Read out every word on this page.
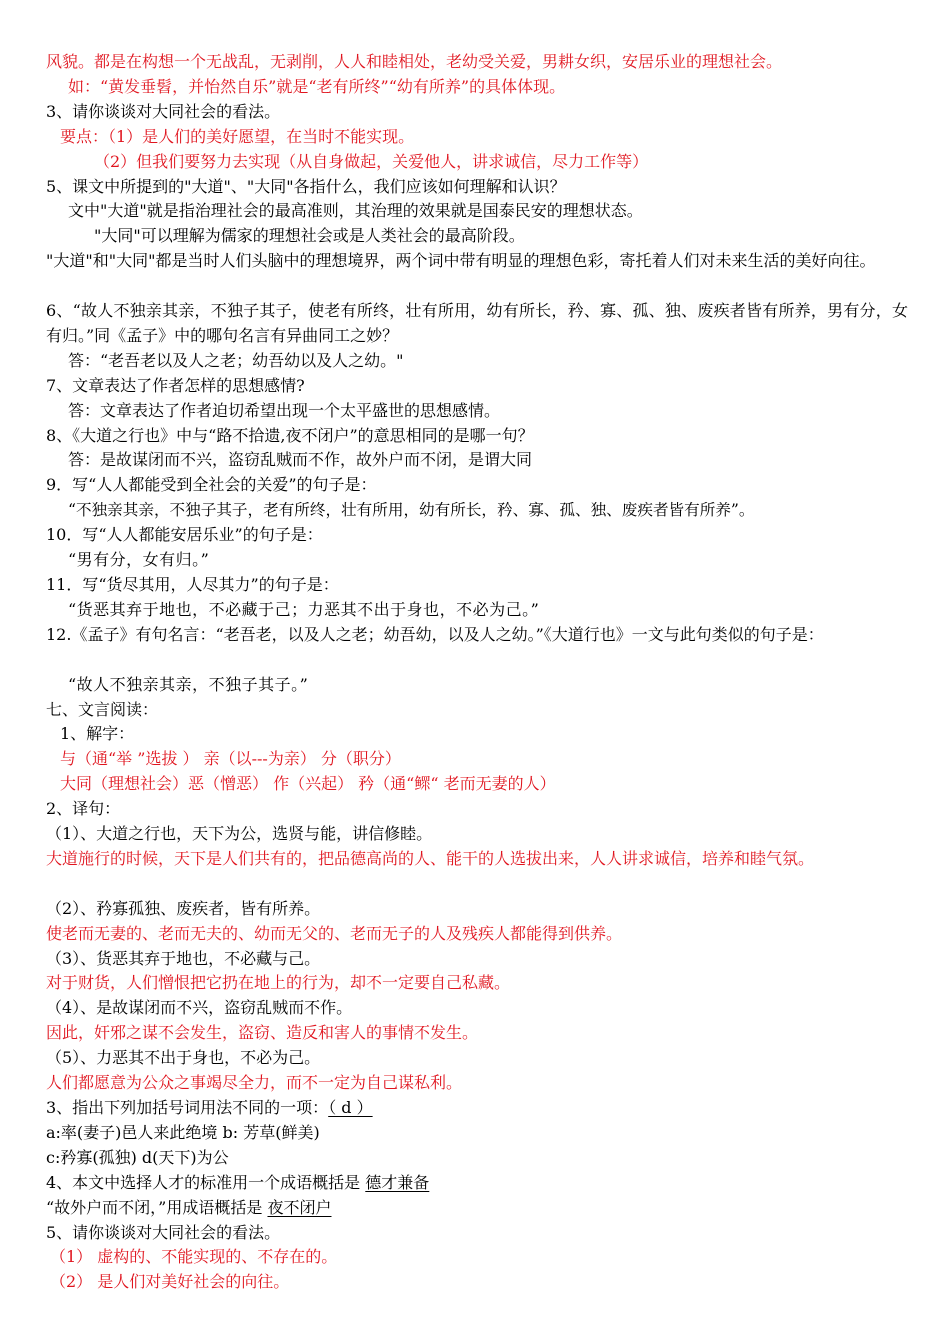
风貌。都是在构想一个无战乱，无剥削，人人和睦相处，老幼受关爱，男耕女织，安居乐业的理想社会。
如：“黄发垂髫，并怡然自乐”就是“老有所终”“幼有所养”的具体体现。
3、请你谈谈对大同社会的看法。
要点：（1）是人们的美好愿望，在当时不能实现。
（2）但我们要努力去实现（从自身做起，关爱他人，讲求诚信，尽力工作等）
5、课文中所提到的"大道"、"大同"各指什么，我们应该如何理解和认识？
文中"大道"就是指治理社会的最高准则，其治理的效果就是国泰民安的理想状态。
"大同"可以理解为儒家的理想社会或是人类社会的最高阶段。
"大道"和"大同"都是当时人们头脑中的理想境界，两个词中带有明显的理想色彩，寄托着人们对未来生活的美好向往。
6、“故人不独亲其亲，不独子其子，使老有所终，壮有所用，幼有所长，矜、寡、孤、独、废疾者皆有所养，男有分，女有归。”同《孟子》中的哪句名言有异曲同工之妙？
答：“老吾老以及人之老；幼吾幼以及人之幼。"
7、文章表达了作者怎样的思想感情?
答：文章表达了作者迫切希望出现一个太平盛世的思想感情。
8、《大道之行也》中与“路不拾遗,夜不闭户”的意思相同的是哪一句？
答：是故谋闭而不兴，盗窃乱贼而不作，故外户而不闭，是谓大同
9．写“人人都能受到全社会的关爱”的句子是：
“不独亲其亲，不独子其子，老有所终，壮有所用，幼有所长，矜、寡、孤、独、废疾者皆有所养”。
10．写“人人都能安居乐业”的句子是：
“男有分，女有归。”
11．写“货尽其用，人尽其力”的句子是：
“货恶其弃于地也，不必藏于己；力恶其不出于身也，不必为己。”
12.《孟子》有句名言：“老吾老，以及人之老；幼吾幼，以及人之幼。”《大道行也》一文与此句类似的句子是：
“故人不独亲其亲，不独子其子。”
七、文言阅读：
1、解字：
与（通“举 ”选拔 ） 亲（以---为亲） 分（职分）
大同（理想社会）恶（憎恶） 作（兴起） 矜（通“鳏“ 老而无妻的人）
2、译句：
（1）、大道之行也，天下为公，选贤与能，讲信修睦。
大道施行的时候，天下是人们共有的，把品德高尚的人、能干的人选拔出来，人人讲求诚信，培养和睦气氛。
（2）、矜寡孤独、废疾者，皆有所养。
使老而无妻的、老而无夫的、幼而无父的、老而无子的人及残疾人都能得到供养。
（3）、货恶其弃于地也，不必藏与己。
对于财货，人们憎恨把它扔在地上的行为，却不一定要自己私藏。
（4）、是故谋闭而不兴，盗窃乱贼而不作。
因此，奸邪之谋不会发生，盗窃、造反和害人的事情不发生。
（5）、力恶其不出于身也，不必为己。
人们都愿意为公众之事竭尽全力，而不一定为自己谋私利。
3、指出下列加括号词用法不同的一项：（ d ）
a:率(妻子)邑人来此绝境 b: 芳草(鲜美)
c:矜寡(孤独) d(天下)为公
4、本文中选择人才的标准用一个成语概括是 德才兼备
“故外户而不闭，”用成语概括是 夜不闭户
5、请你谈谈对大同社会的看法。
（1） 虚构的、不能实现的、不存在的。
（2） 是人们对美好社会的向往。
